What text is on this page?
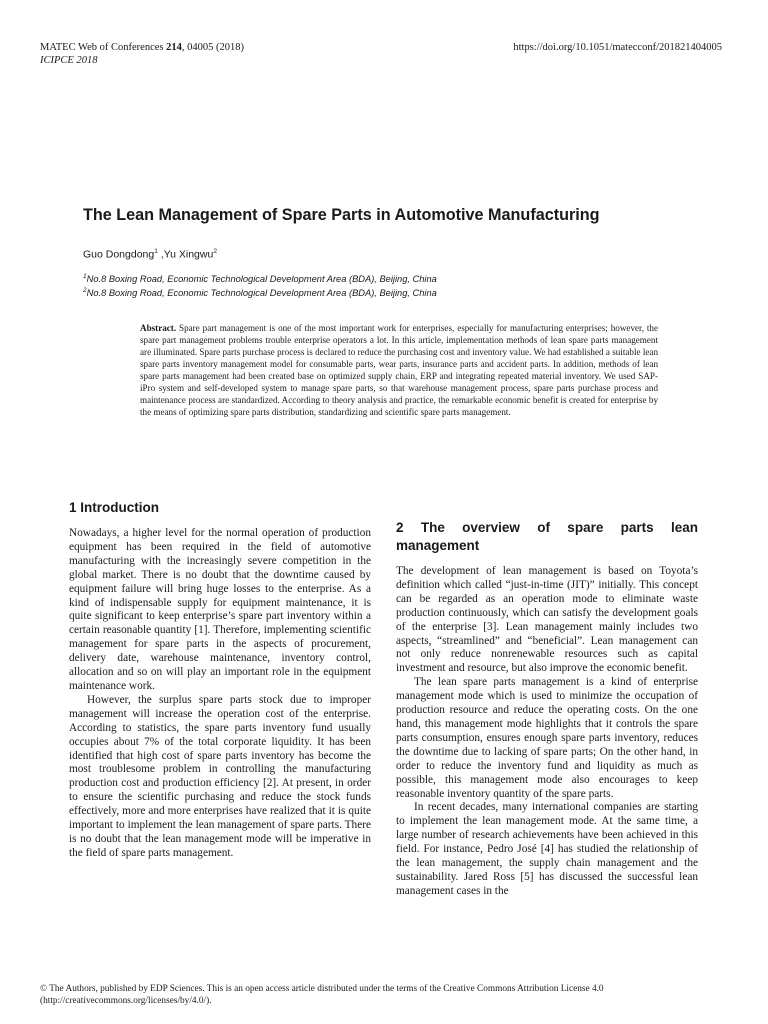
MATEC Web of Conferences 214, 04005 (2018)
ICIPCE 2018
https://doi.org/10.1051/matecconf/201821404005
The Lean Management of Spare Parts in Automotive Manufacturing
Guo Dongdong$^1$ ,Yu Xingwu$^2$
$^1$No.8 Boxing Road, Economic Technological Development Area (BDA), Beijing, China
$^2$No.8 Boxing Road, Economic Technological Development Area (BDA), Beijing, China

Abstract. Spare part management is one of the most important work for enterprises, especially for manufacturing enterprises; however, the spare part management problems trouble enterprise operators a lot. In this article, implementation methods of lean spare parts management are illuminated. Spare parts purchase process is declared to reduce the purchasing cost and inventory value. We had established a suitable lean spare parts inventory management model for consumable parts, wear parts, insurance parts and accident parts. In addition, methods of lean spare parts management had been created base on optimized supply chain, ERP and integrating repeated material inventory. We used SAP-iPro system and self-developed system to manage spare parts, so that warehouse management process, spare parts purchase process and maintenance process are standardized. According to theory analysis and practice, the remarkable economic benefit is created for enterprise by the means of optimizing spare parts distribution, standardizing and scientific spare parts management.

1 Introduction

Nowadays, a higher level for the normal operation of production equipment has been required in the field of automotive manufacturing with the increasingly severe competition in the global market. There is no doubt that the downtime caused by equipment failure will bring huge losses to the enterprise. As a kind of indispensable supply for equipment maintenance, it is quite significant to keep enterprise’s spare part inventory within a certain reasonable quantity [1]. Therefore, implementing scientific management for spare parts in the aspects of procurement, delivery date, warehouse maintenance, inventory control, allocation and so on will play an important role in the equipment maintenance work.

However, the surplus spare parts stock due to improper management will increase the operation cost of the enterprise. According to statistics, the spare parts inventory fund usually occupies about 7% of the total corporate liquidity. It has been identified that high cost of spare parts inventory has become the most troublesome problem in controlling the manufacturing production cost and production efficiency [2]. At present, in order to ensure the scientific purchasing and reduce the stock funds effectively, more and more enterprises have realized that it is quite important to implement the lean management of spare parts. There is no doubt that the lean management mode will be imperative in the field of spare parts management.

2 The overview of spare parts lean management

The development of lean management is based on Toyota’s definition which called “just-in-time (JIT)” initially. This concept can be regarded as an operation mode to eliminate waste production continuously, which can satisfy the development goals of the enterprise [3]. Lean management mainly includes two aspects, “streamlined” and “beneficial”. Lean management can not only reduce nonrenewable resources such as capital investment and resource, but also improve the economic benefit.

The lean spare parts management is a kind of enterprise management mode which is used to minimize the occupation of production resource and reduce the operating costs. On the one hand, this management mode highlights that it controls the spare parts consumption, ensures enough spare parts inventory, reduces the downtime due to lacking of spare parts; On the other hand, in order to reduce the inventory fund and liquidity as much as possible, this management mode also encourages to keep reasonable inventory quantity of the spare parts.

In recent decades, many international companies are starting to implement the lean management mode. At the same time, a large number of research achievements have been achieved in this field. For instance, Pedro José [4] has studied the relationship of the lean management, the supply chain management and the sustainability. Jared Ross [5] has discussed the successful lean management cases in the

© The Authors, published by EDP Sciences. This is an open access article distributed under the terms of the Creative Commons Attribution License 4.0
(http://creativecommons.org/licenses/by/4.0/).
